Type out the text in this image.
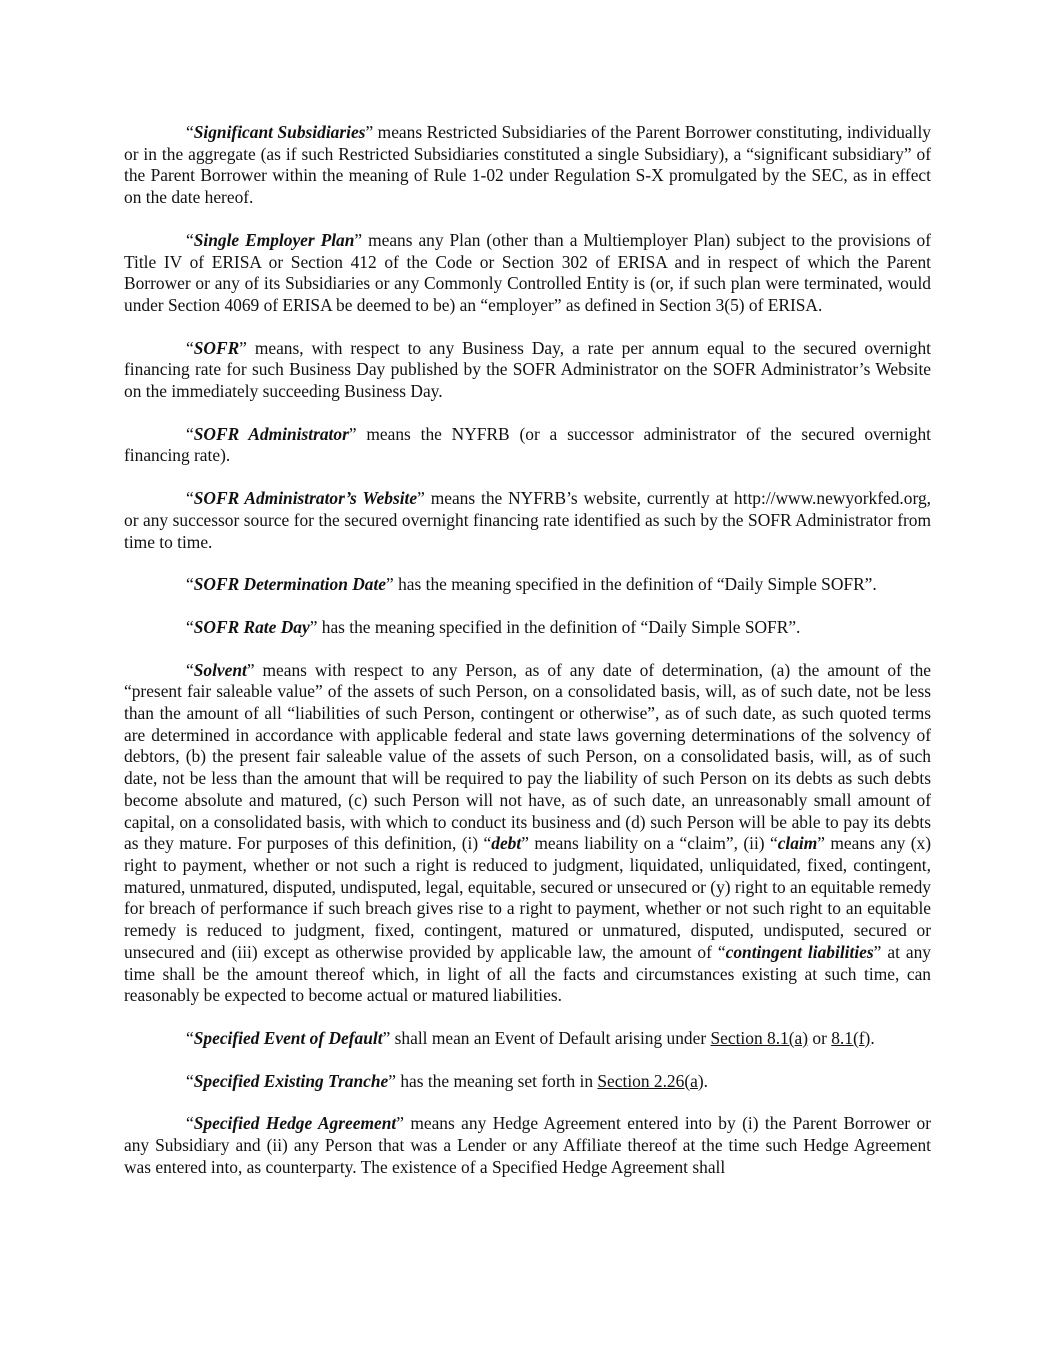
“Significant Subsidiaries” means Restricted Subsidiaries of the Parent Borrower constituting, individually or in the aggregate (as if such Restricted Subsidiaries constituted a single Subsidiary), a “significant subsidiary” of the Parent Borrower within the meaning of Rule 1-02 under Regulation S-X promulgated by the SEC, as in effect on the date hereof.

“Single Employer Plan” means any Plan (other than a Multiemployer Plan) subject to the provisions of Title IV of ERISA or Section 412 of the Code or Section 302 of ERISA and in respect of which the Parent Borrower or any of its Subsidiaries or any Commonly Controlled Entity is (or, if such plan were terminated, would under Section 4069 of ERISA be deemed to be) an “employer” as defined in Section 3(5) of ERISA.

“SOFR” means, with respect to any Business Day, a rate per annum equal to the secured overnight financing rate for such Business Day published by the SOFR Administrator on the SOFR Administrator’s Website on the immediately succeeding Business Day.

“SOFR Administrator” means the NYFRB (or a successor administrator of the secured overnight financing rate).

“SOFR Administrator’s Website” means the NYFRB’s website, currently at http://www.newyorkfed.org, or any successor source for the secured overnight financing rate identified as such by the SOFR Administrator from time to time.

“SOFR Determination Date” has the meaning specified in the definition of “Daily Simple SOFR”.

“SOFR Rate Day” has the meaning specified in the definition of “Daily Simple SOFR”.

“Solvent” means with respect to any Person, as of any date of determination, (a) the amount of the “present fair saleable value” of the assets of such Person, on a consolidated basis, will, as of such date, not be less than the amount of all “liabilities of such Person, contingent or otherwise”, as of such date, as such quoted terms are determined in accordance with applicable federal and state laws governing determinations of the solvency of debtors, (b) the present fair saleable value of the assets of such Person, on a consolidated basis, will, as of such date, not be less than the amount that will be required to pay the liability of such Person on its debts as such debts become absolute and matured, (c) such Person will not have, as of such date, an unreasonably small amount of capital, on a consolidated basis, with which to conduct its business and (d) such Person will be able to pay its debts as they mature. For purposes of this definition, (i) “debt” means liability on a “claim”, (ii) “claim” means any (x) right to payment, whether or not such a right is reduced to judgment, liquidated, unliquidated, fixed, contingent, matured, unmatured, disputed, undisputed, legal, equitable, secured or unsecured or (y) right to an equitable remedy for breach of performance if such breach gives rise to a right to payment, whether or not such right to an equitable remedy is reduced to judgment, fixed, contingent, matured or unmatured, disputed, undisputed, secured or unsecured and (iii) except as otherwise provided by applicable law, the amount of “contingent liabilities” at any time shall be the amount thereof which, in light of all the facts and circumstances existing at such time, can reasonably be expected to become actual or matured liabilities.

“Specified Event of Default” shall mean an Event of Default arising under Section 8.1(a) or 8.1(f).

“Specified Existing Tranche” has the meaning set forth in Section 2.26(a).

“Specified Hedge Agreement” means any Hedge Agreement entered into by (i) the Parent Borrower or any Subsidiary and (ii) any Person that was a Lender or any Affiliate thereof at the time such Hedge Agreement was entered into, as counterparty. The existence of a Specified Hedge Agreement shall
